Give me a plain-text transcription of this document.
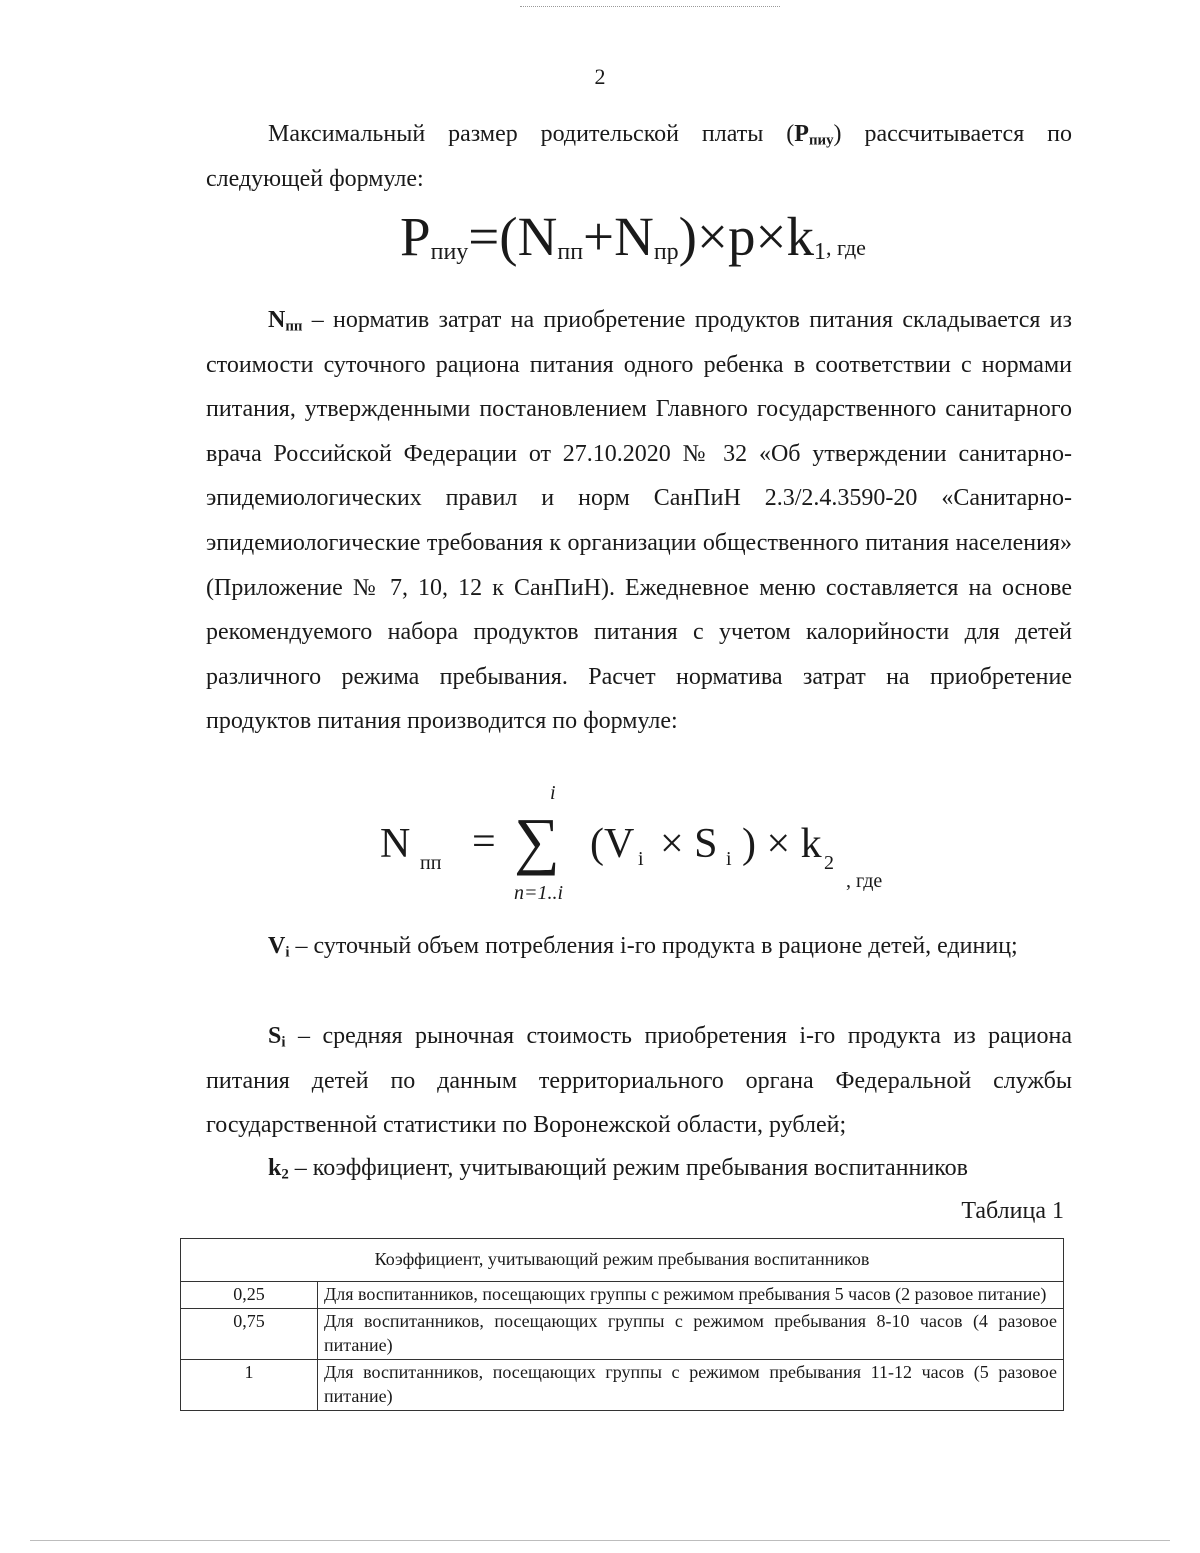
2
Максимальный размер родительской платы $(Р_{пиу})$ рассчитывается по следующей формуле:
Рпиу=(Nпп+Nпр)×p×k1, где
$N_{пп}$ – норматив затрат на приобретение продуктов питания складывается из стоимости суточного рациона питания одного ребенка в соответствии с нормами питания, утвержденными постановлением Главного государственного санитарного врача Российской Федерации от 27.10.2020 № 32 «Об утверждении санитарно-эпидемиологических правил и норм СанПиН 2.3/2.4.3590-20 «Санитарно-эпидемиологические требования к организации общественного питания населения» (Приложение № 7, 10, 12 к СанПиН). Ежедневное меню составляется на основе рекомендуемого набора продуктов питания с учетом калорийности для детей различного режима пребывания. Расчет норматива затрат на приобретение продуктов питания производится по формуле:
N пп = ∑
i
n=1..i
(V i × S i ) × k 2
, где
$V_i$ – суточный объем потребления i-го продукта в рационе детей, единиц;
$S_i$ – средняя рыночная стоимость приобретения i-го продукта из рациона питания детей по данным территориального органа Федеральной службы государственной статистики по Воронежской области, рублей;
$k_2$ – коэффициент, учитывающий режим пребывания воспитанников
Таблица 1
Коэффициент, учитывающий режим пребывания воспитанников	
0,25	Для воспитанников, посещающих группы с режимом пребывания 5 часов (2 разовое питание)
0,75	Для воспитанников, посещающих группы с режимом пребывания 8-10 часов (4 разовое питание)
1	Для воспитанников, посещающих группы с режимом пребывания 11-12 часов (5 разовое питание)
